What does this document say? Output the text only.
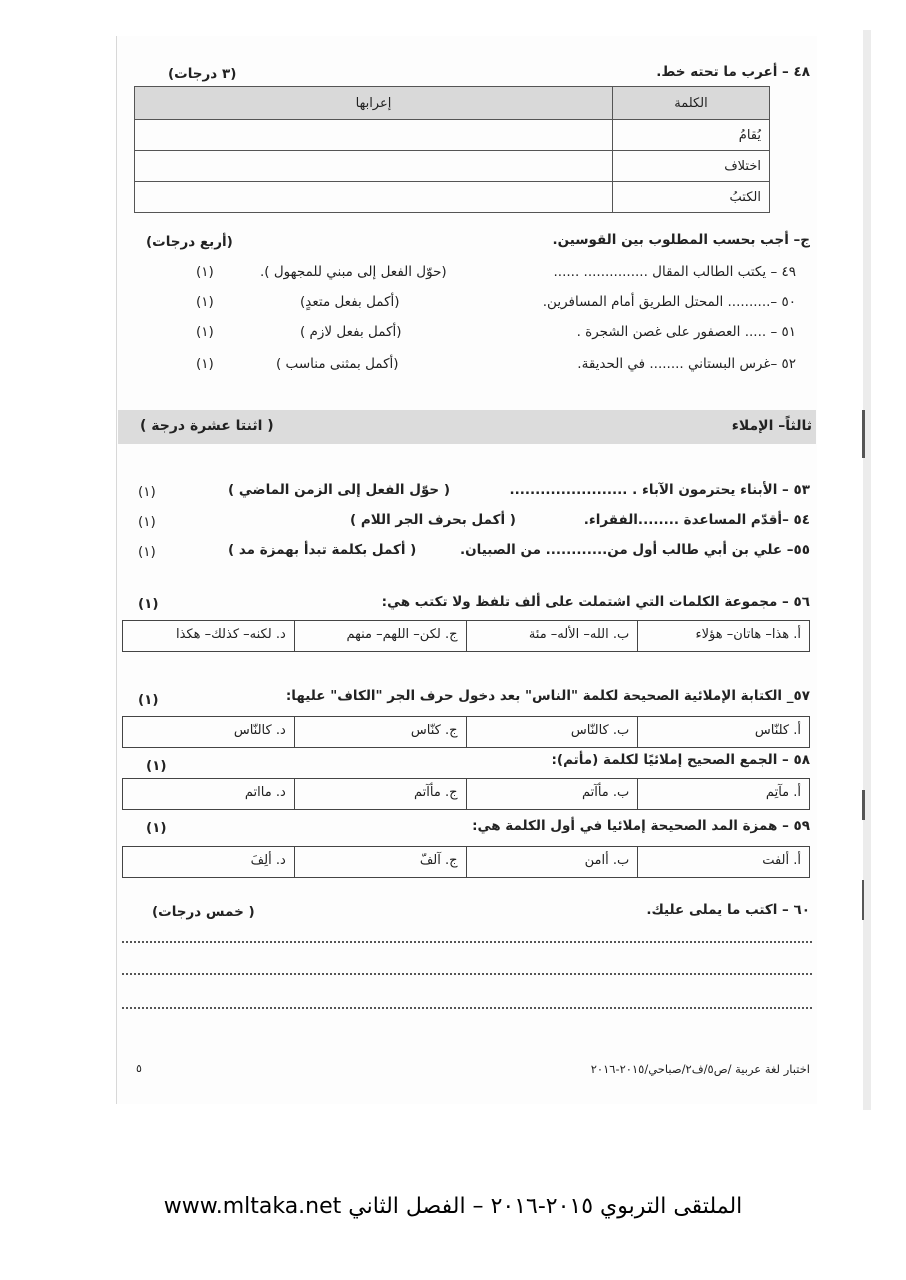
٤٨ – أعرب ما تحته خط.
(٣ درجات)
الكلمة	إعرابها
يُقامُ	
اختلاف	
الكتبُ	
ج– أجب بحسب المطلوب بين القوسين.
(أربع درجات)
٤٩ – يكتب الطالب المقال ............... ......
(حوّل الفعل إلى مبني للمجهول ).
(١)
٥٠ –.......... المحتل الطريق أمام المسافرين.
(أكمل بفعل متعدٍ)
(١)
٥١ – ..... العصفور على غصن الشجرة .
(أكمل بفعل لازم )
(١)
٥٢ –غرس البستاني ........ في الحديقة.
(أكمل بمثنى مناسب )
(١)
ثالثاً– الإملاء
( اثنتا عشرة درجة )
٥٣ – الأبناء يحترمون الآباء . .......................
( حوّل الفعل إلى الزمن الماضي )
(١)
٥٤ –أقدّم المساعدة ........الفقراء.
( أكمل بحرف الجر اللام )
(١)
٥٥– علي بن أبي طالب أول من............ من الصبيان.
( أكمل بكلمة تبدأ بهمزة مد )
(١)
٥٦ – مجموعة الكلمات التي اشتملت على ألف تلفظ ولا تكتب هي:
(١)
أ. هذا– هاتان– هؤلاء
ب. الله– الأله– مئة
ج. لكن– اللهم– منهم
د. لكنه– كذلك– هكذا
٥٧_ الكتابة الإملائية الصحيحة لكلمة "الناس" بعد دخول حرف الجر "الكاف" عليها:
(١)
أ. كلنّاس
ب. كالنّاس
ج. كنّاس
د. كالنّاس
٥٨ – الجمع الصحيح إملائيًا لكلمة (مأتم):
(١)
أ. مآتِم
ب. مأآتم
ج. مأآتم
د. مااتم
٥٩ – همزة المد الصحيحة إملائيا في أول الكلمة هي:
(١)
أ. ألفت
ب. أامن
ج. آلفّ
د. ألِفَ
٦٠ – اكتب ما يملى عليك.
( خمس درجات)
اختبار لغة عربية /ص٥/ف٢/صباحي/٢٠١٥-٢٠١٦
٥
الملتقى التربوي ٢٠١٥-٢٠١٦ – الفصل الثاني www.mltaka.net
